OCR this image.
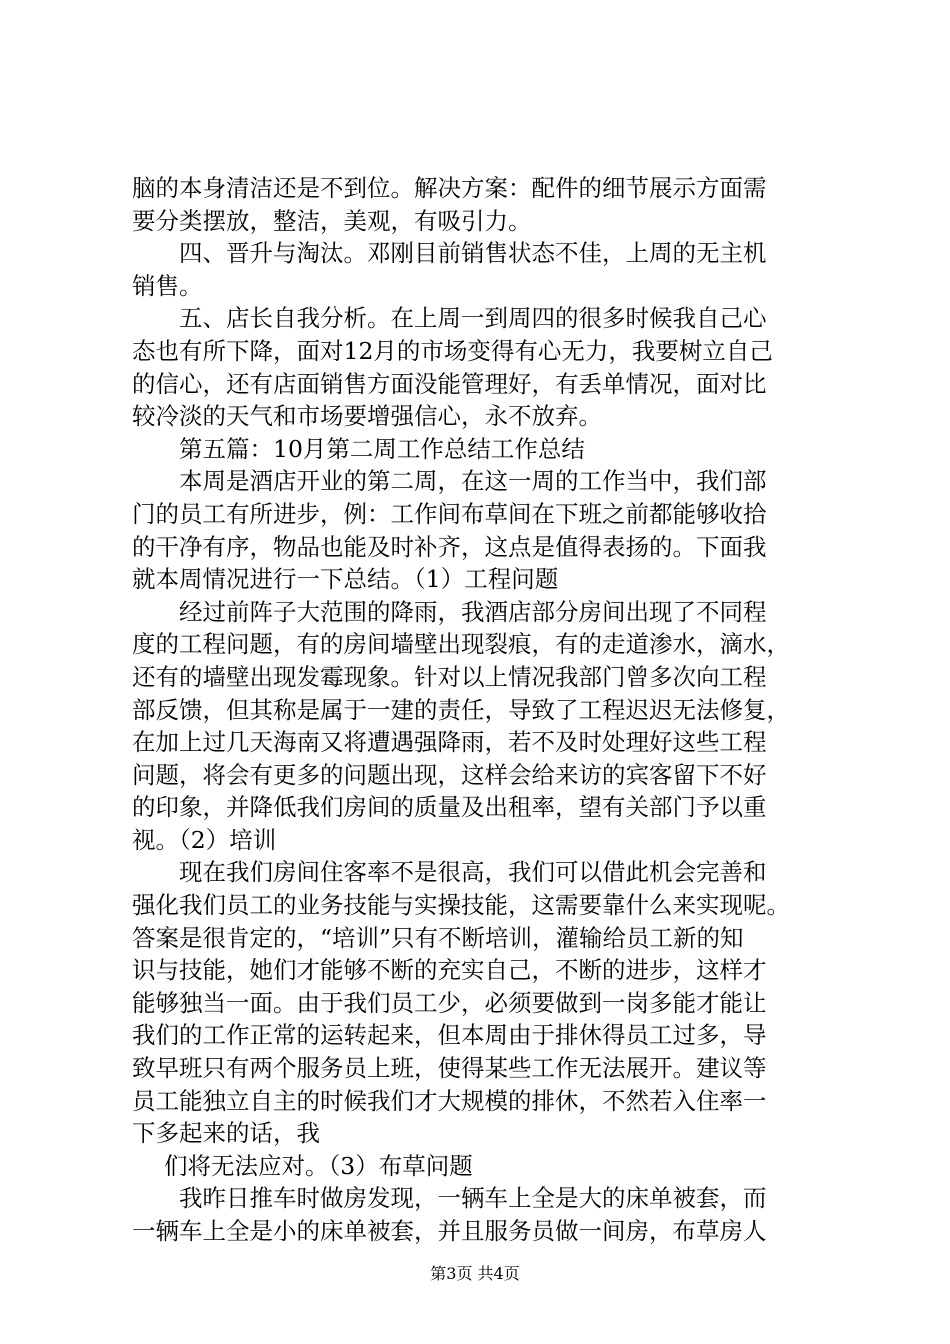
脑的本身清洁还是不到位。解决方案：配件的细节展示方面需
要分类摆放，整洁，美观，有吸引力。
四、晋升与淘汰。邓刚目前销售状态不佳，上周的无主机
销售。
五、店长自我分析。在上周一到周四的很多时候我自己心
态也有所下降，面对12月的市场变得有心无力，我要树立自己
的信心，还有店面销售方面没能管理好，有丢单情况，面对比
较冷淡的天气和市场要增强信心，永不放弃。
第五篇：10月第二周工作总结工作总结
本周是酒店开业的第二周，在这一周的工作当中，我们部
门的员工有所进步，例：工作间布草间在下班之前都能够收拾
的干净有序，物品也能及时补齐，这点是值得表扬的。下面我
就本周情况进行一下总结。（1）工程问题
经过前阵子大范围的降雨，我酒店部分房间出现了不同程
度的工程问题，有的房间墙壁出现裂痕，有的走道渗水，滴水，
还有的墙壁出现发霉现象。针对以上情况我部门曾多次向工程
部反馈，但其称是属于一建的责任，导致了工程迟迟无法修复，
在加上过几天海南又将遭遇强降雨，若不及时处理好这些工程
问题，将会有更多的问题出现，这样会给来访的宾客留下不好
的印象，并降低我们房间的质量及出租率，望有关部门予以重
视。（2）培训
现在我们房间住客率不是很高，我们可以借此机会完善和
强化我们员工的业务技能与实操技能，这需要靠什么来实现呢。
答案是很肯定的，“培训”只有不断培训，灌输给员工新的知
识与技能，她们才能够不断的充实自己，不断的进步，这样才
能够独当一面。由于我们员工少，必须要做到一岗多能才能让
我们的工作正常的运转起来，但本周由于排休得员工过多，导
致早班只有两个服务员上班，使得某些工作无法展开。建议等
员工能独立自主的时候我们才大规模的排休，不然若入住率一
下多起来的话，我
们将无法应对。（3）布草问题
我昨日推车时做房发现，一辆车上全是大的床单被套，而
一辆车上全是小的床单被套，并且服务员做一间房，布草房人
第3页 共4页
